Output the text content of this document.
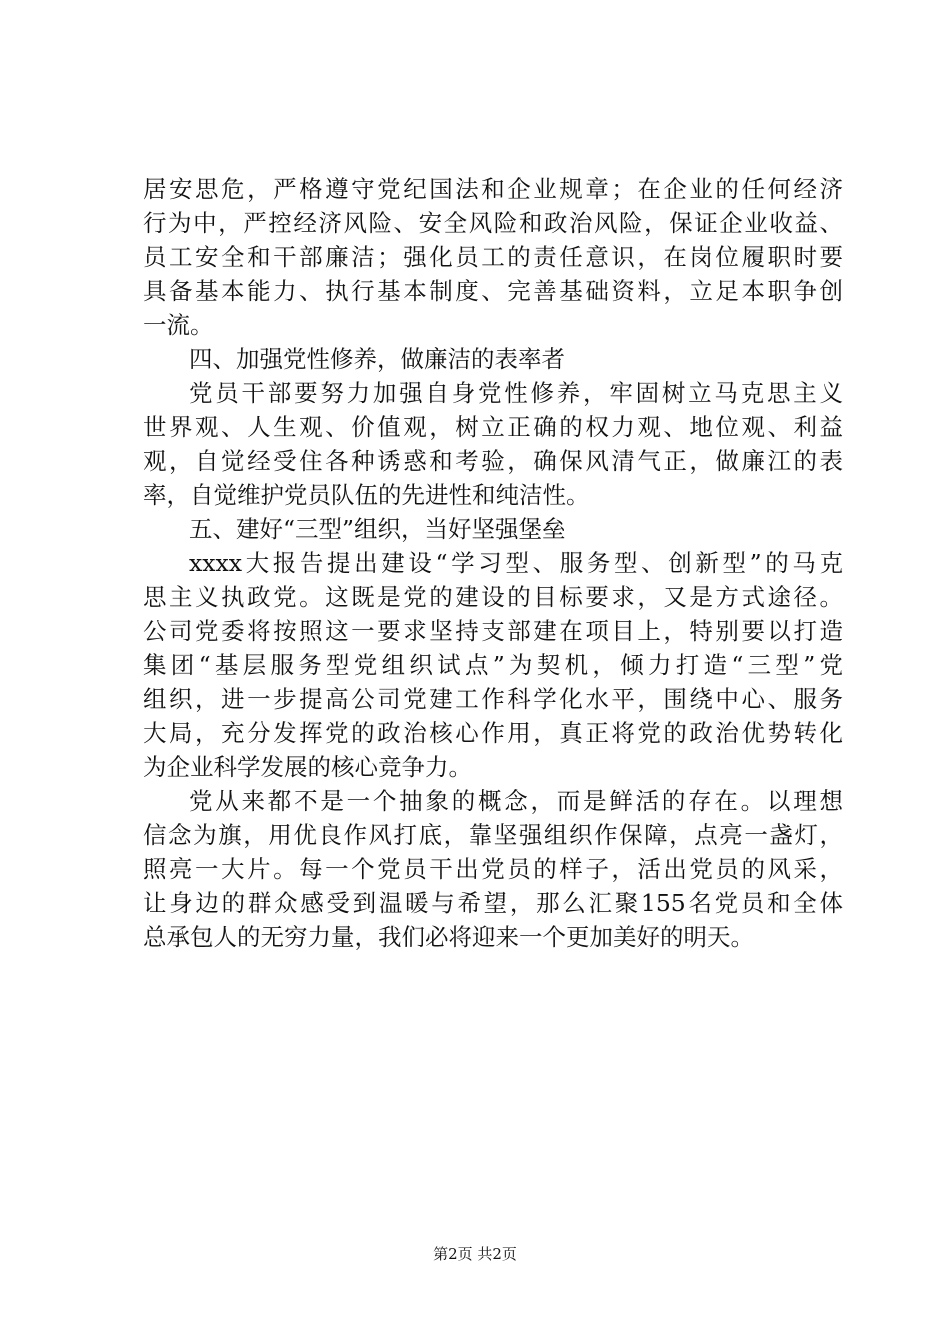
居安思危，严格遵守党纪国法和企业规章；在企业的任何经济
行为中，严控经济风险、安全风险和政治风险，保证企业收益、
员工安全和干部廉洁；强化员工的责任意识，在岗位履职时要
具备基本能力、执行基本制度、完善基础资料，立足本职争创
一流。
四、加强党性修养，做廉洁的表率者
党员干部要努力加强自身党性修养，牢固树立马克思主义
世界观、人生观、价值观，树立正确的权力观、地位观、利益
观，自觉经受住各种诱惑和考验，确保风清气正，做廉江的表
率，自觉维护党员队伍的先进性和纯洁性。
五、建好“三型”组织，当好坚强堡垒
xxxx大报告提出建设“学习型、服务型、创新型”的马克
思主义执政党。这既是党的建设的目标要求，又是方式途径。
公司党委将按照这一要求坚持支部建在项目上，特别要以打造
集团“基层服务型党组织试点”为契机，倾力打造“三型”党
组织，进一步提高公司党建工作科学化水平，围绕中心、服务
大局，充分发挥党的政治核心作用，真正将党的政治优势转化
为企业科学发展的核心竞争力。
党从来都不是一个抽象的概念，而是鲜活的存在。以理想
信念为旗，用优良作风打底，靠坚强组织作保障，点亮一盏灯，
照亮一大片。每一个党员干出党员的样子，活出党员的风采，
让身边的群众感受到温暖与希望，那么汇聚155名党员和全体
总承包人的无穷力量，我们必将迎来一个更加美好的明天。
第2页 共2页
